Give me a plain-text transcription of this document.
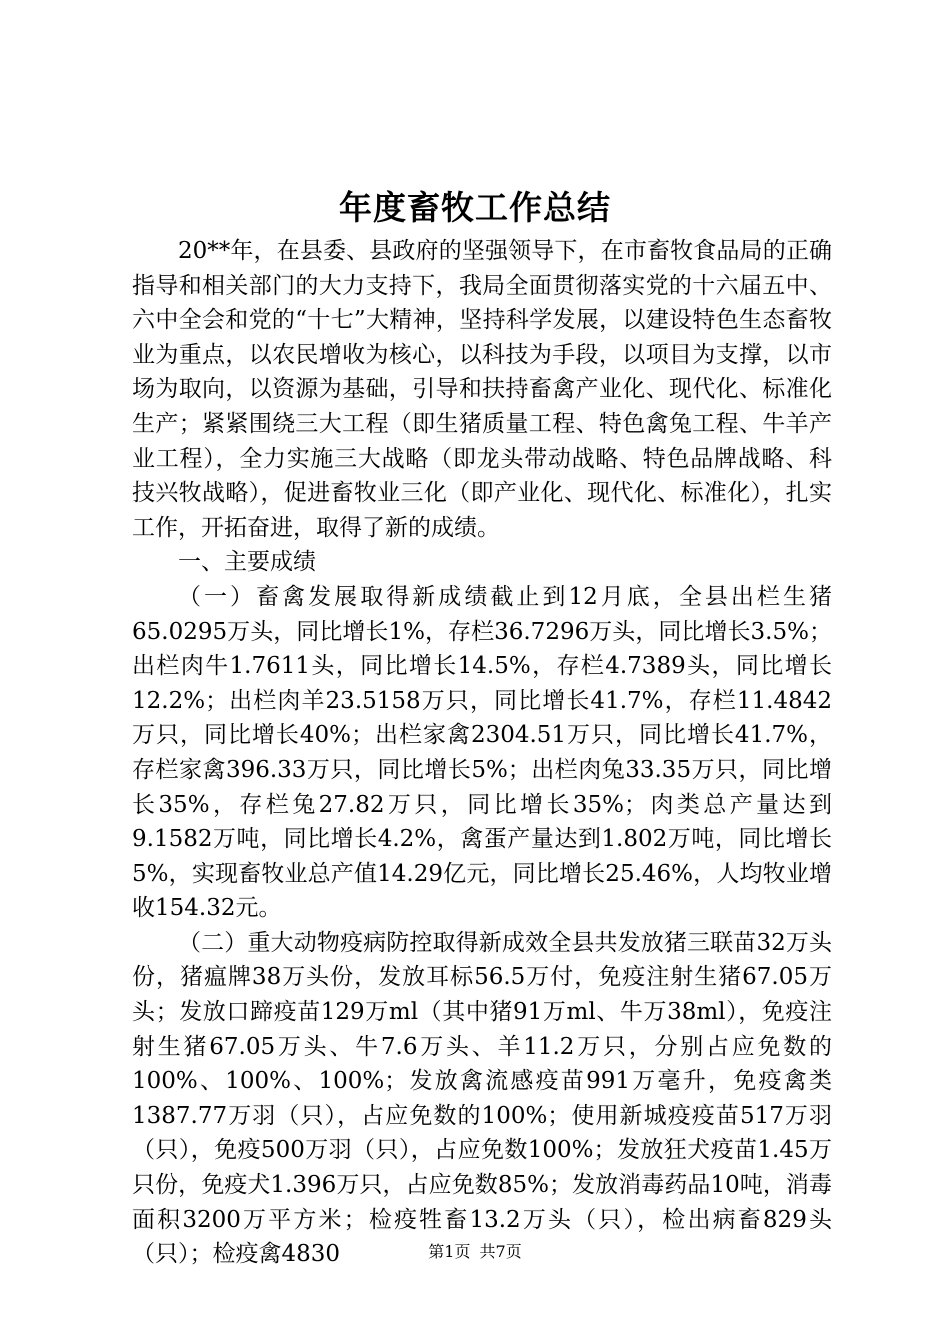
年度畜牧工作总结

20**年，在县委、县政府的坚强领导下，在市畜牧食品局的正确指导和相关部门的大力支持下，我局全面贯彻落实党的十六届五中、六中全会和党的“十七”大精神，坚持科学发展，以建设特色生态畜牧业为重点，以农民增收为核心，以科技为手段，以项目为支撑，以市场为取向，以资源为基础，引导和扶持畜禽产业化、现代化、标准化生产；紧紧围绕三大工程（即生猪质量工程、特色禽兔工程、牛羊产业工程），全力实施三大战略（即龙头带动战略、特色品牌战略、科技兴牧战略），促进畜牧业三化（即产业化、现代化、标准化），扎实工作，开拓奋进，取得了新的成绩。

一、主要成绩

（一）畜禽发展取得新成绩截止到12月底，全县出栏生猪65.0295万头，同比增长1%，存栏36.7296万头，同比增长3.5%；出栏肉牛1.7611头，同比增长14.5%，存栏4.7389头，同比增长12.2%；出栏肉羊23.5158万只，同比增长41.7%，存栏11.4842万只，同比增长40%；出栏家禽2304.51万只，同比增长41.7%，存栏家禽396.33万只，同比增长5%；出栏肉兔33.35万只，同比增长35%，存栏兔27.82万只，同比增长35%；肉类总产量达到9.1582万吨，同比增长4.2%，禽蛋产量达到1.802万吨，同比增长5%，实现畜牧业总产值14.29亿元，同比增长25.46%，人均牧业增收154.32元。

（二）重大动物疫病防控取得新成效全县共发放猪三联苗32万头份，猪瘟牌38万头份，发放耳标56.5万付，免疫注射生猪67.05万头；发放口蹄疫苗129万ml（其中猪91万ml、牛万38ml），免疫注射生猪67.05万头、牛7.6万头、羊11.2万只，分别占应免数的100%、100%、100%；发放禽流感疫苗991万毫升，免疫禽类1387.77万羽（只），占应免数的100%；使用新城疫疫苗517万羽（只），免疫500万羽（只），占应免数100%；发放狂犬疫苗1.45万只份，免疫犬1.396万只，占应免数85%；发放消毒药品10吨，消毒面积3200万平方米；检疫牲畜13.2万头（只），检出病畜829头（只）；检疫禽4830	第1页 共7页
